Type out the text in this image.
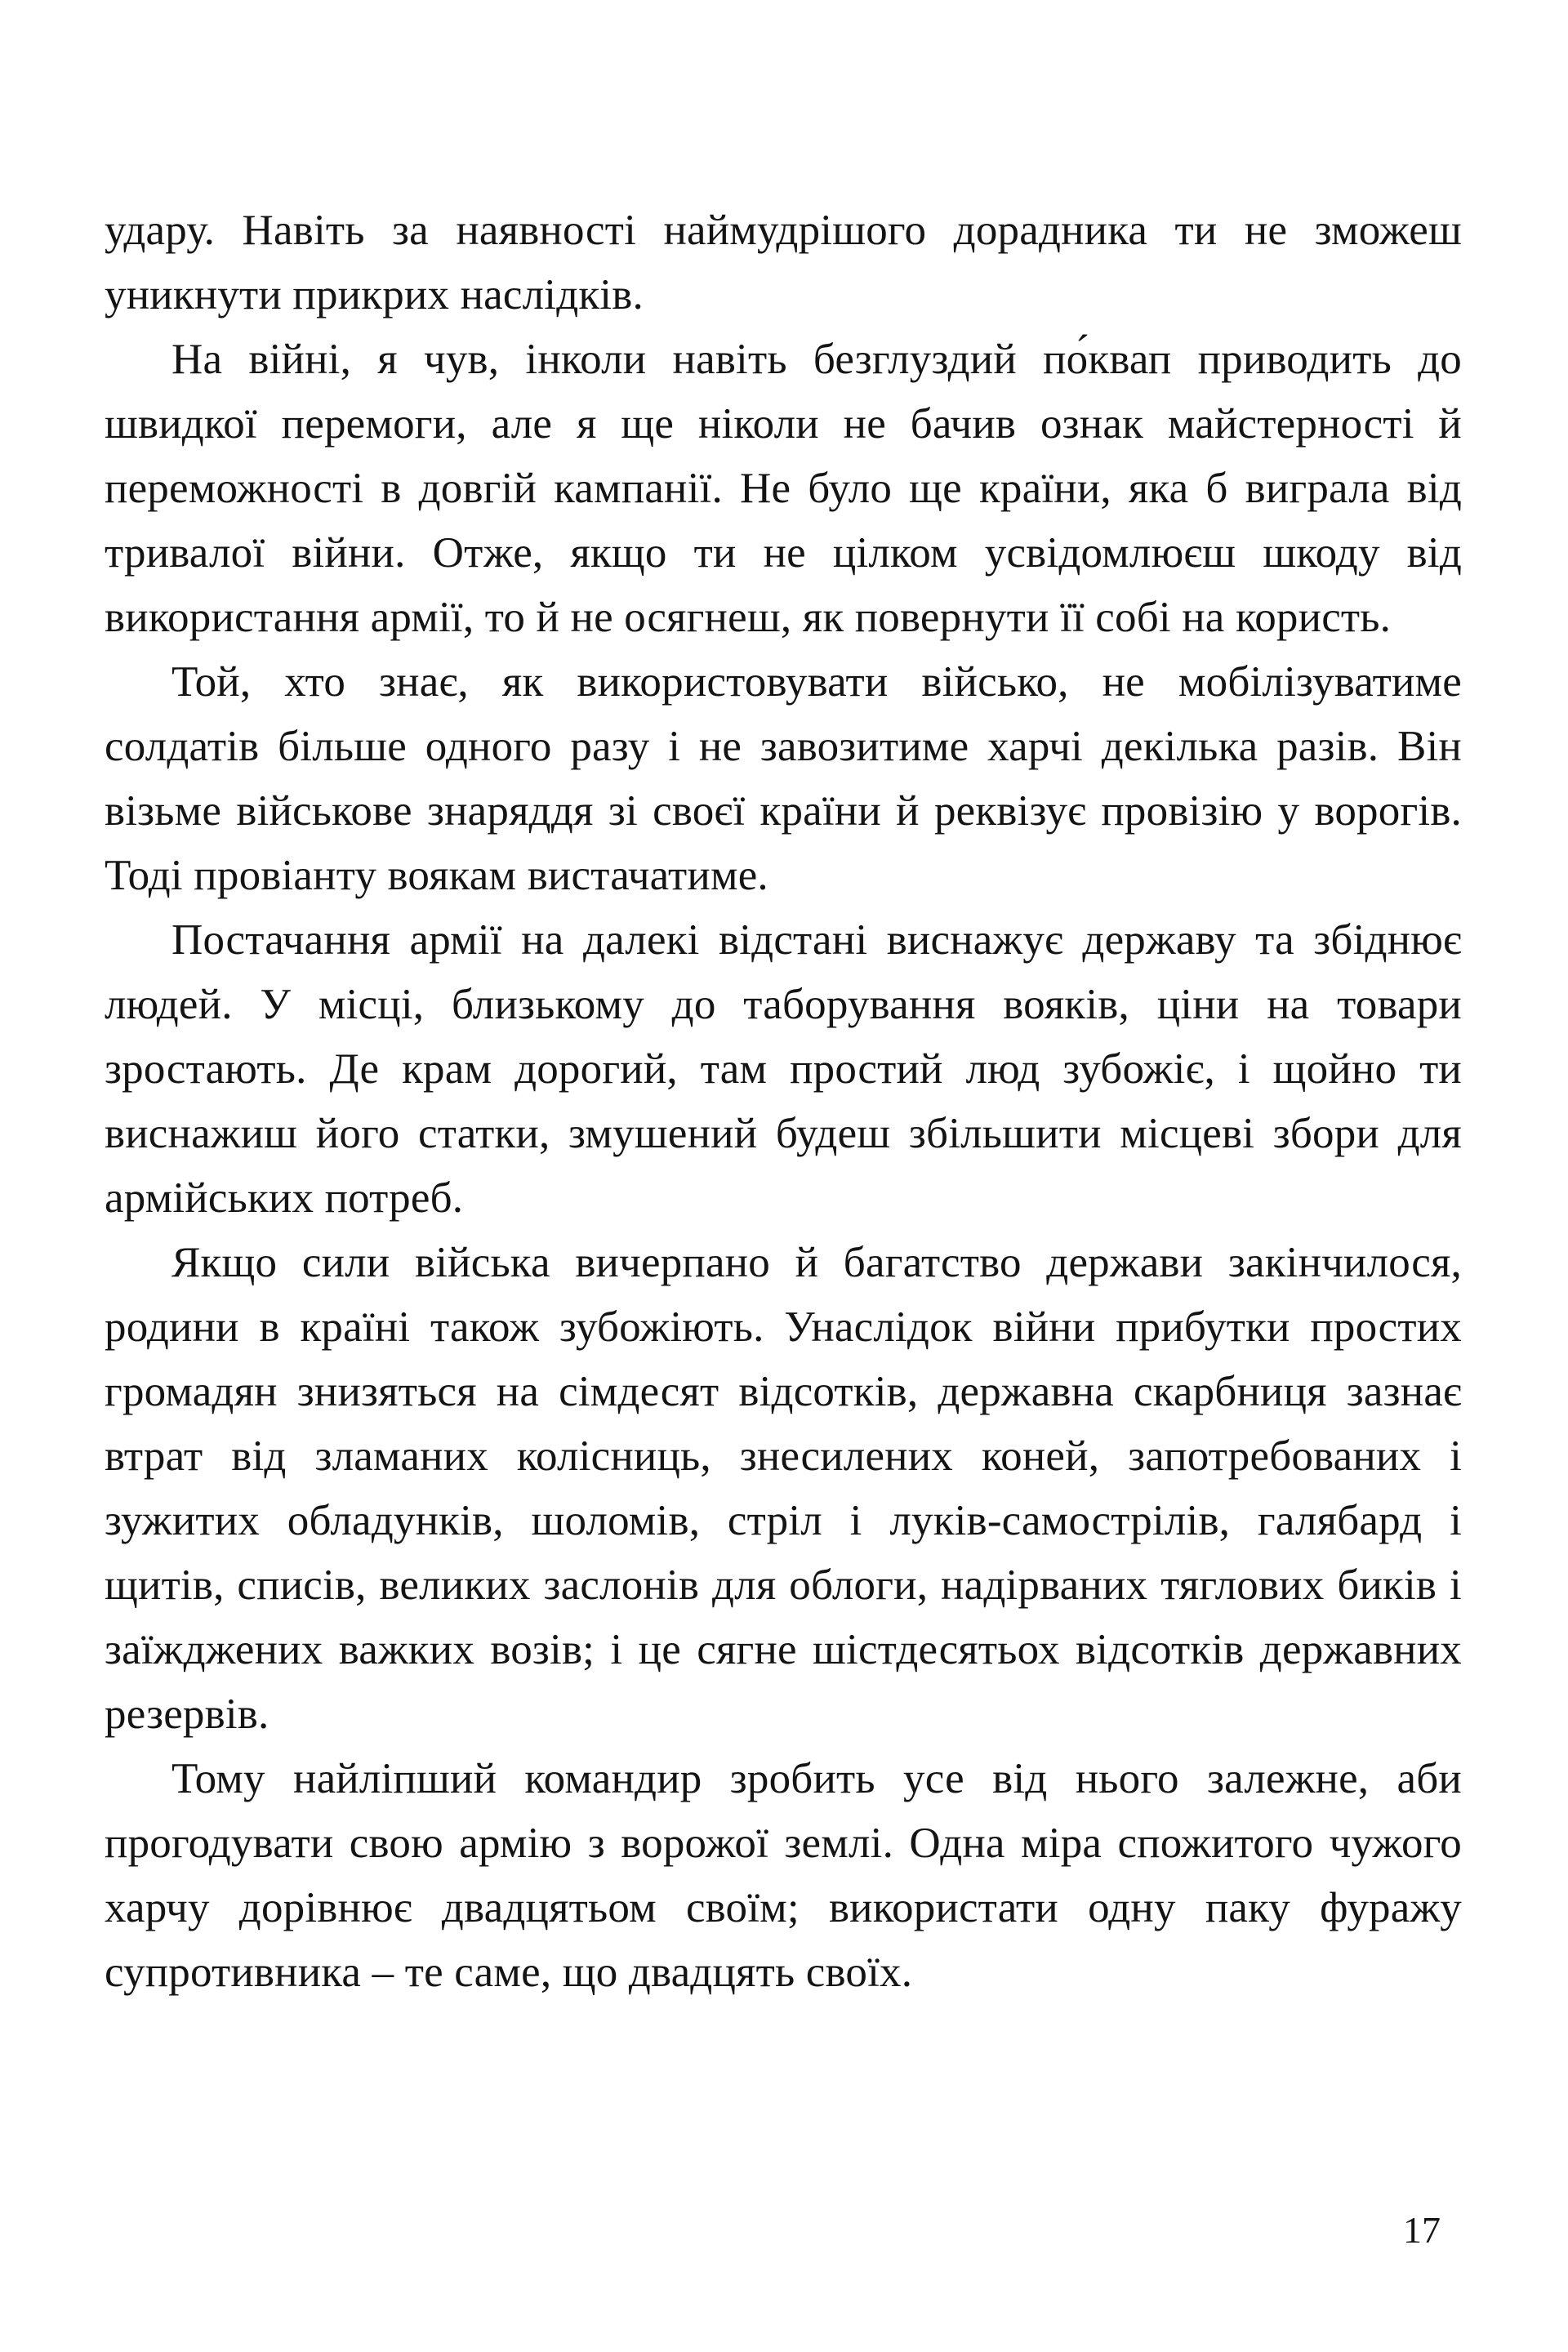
удару. Навіть за наявності наймудрішого дорадника ти не зможеш уникнути прикрих наслідків.

На війні, я чув, інколи навіть безглуздий по́квап приводить до швидкої перемоги, але я ще ніколи не бачив ознак майстерності й переможності в довгій кампанії. Не було ще країни, яка б виграла від тривалої війни. Отже, якщо ти не цілком усвідомлюєш шкоду від використання армії, то й не осягнеш, як повернути її собі на користь.

Той, хто знає, як використовувати військо, не мобілізуватиме солдатів більше одного разу і не завозитиме харчі декілька разів. Він візьме військове знаряддя зі своєї країни й реквізує провізію у ворогів. Тоді провіанту воякам вистачатиме.

Постачання армії на далекі відстані виснажує державу та збіднює людей. У місці, близькому до таборування вояків, ціни на товари зростають. Де крам дорогий, там простий люд зубожіє, і щойно ти виснажиш його статки, змушений будеш збільшити місцеві збори для армійських потреб.

Якщо сили війська вичерпано й багатство держави закінчилося, родини в країні також зубожіють. Унаслідок війни прибутки простих громадян знизяться на сімдесят відсотків, державна скарбниця зазнає втрат від зламаних колісниць, знесилених коней, запотребованих і зужитих обладунків, шоломів, стріл і луків-самострілів, галябард і щитів, списів, великих заслонів для облоги, надірваних тяглових биків і заїжджених важких возів; і це сягне шістдесятьох відсотків державних резервів.

Тому найліпший командир зробить усе від нього залежне, аби прогодувати свою армію з ворожої землі. Одна міра спожитого чужого харчу дорівнює двадцятьом своїм; використати одну паку фуражу супротивника – те саме, що двадцять своїх.

17
